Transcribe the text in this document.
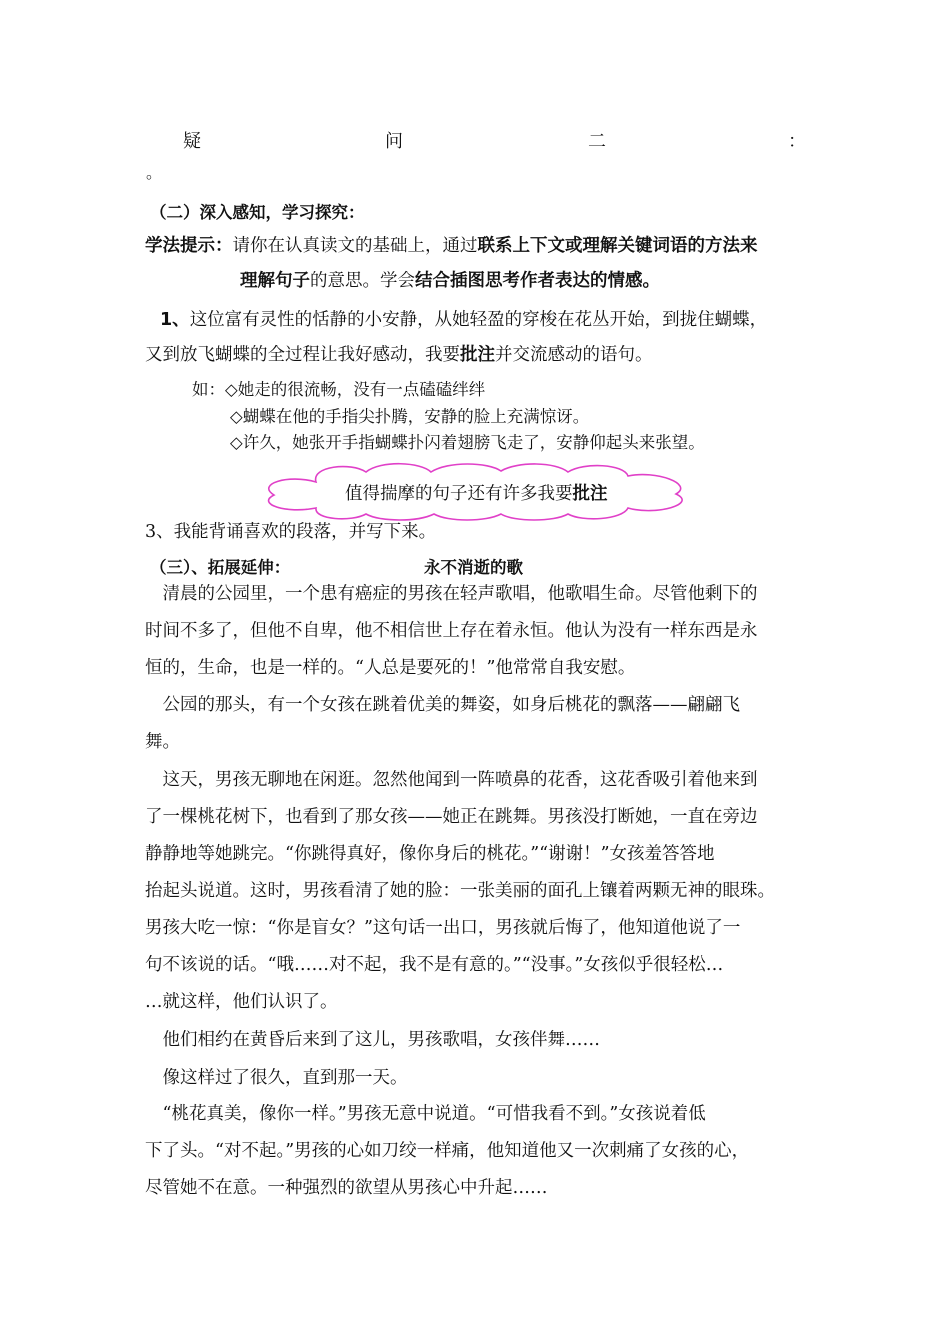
疑	问	二	：
。
（二）深入感知，学习探究：
学法提示：请你在认真读文的基础上，通过联系上下文或理解关键词语的方法来
理解句子的意思。学会结合插图思考作者表达的情感。
1、这位富有灵性的恬静的小安静，从她轻盈的穿梭在花丛开始，到拢住蝴蝶，
又到放飞蝴蝶的全过程让我好感动，我要批注并交流感动的语句。
如：◇她走的很流畅，没有一点磕磕绊绊
◇蝴蝶在他的手指尖扑腾，安静的脸上充满惊讶。
◇许久，她张开手指蝴蝶扑闪着翅膀飞走了，安静仰起头来张望。
值得揣摩的句子还有许多我要批注
3、我能背诵喜欢的段落，并写下来。
（三）、拓展延伸：	永不消逝的歌
　清晨的公园里，一个患有癌症的男孩在轻声歌唱，他歌唱生命。尽管他剩下的
时间不多了，但他不自卑，他不相信世上存在着永恒。他认为没有一样东西是永
恒的，生命，也是一样的。“人总是要死的！”他常常自我安慰。
　公园的那头，有一个女孩在跳着优美的舞姿，如身后桃花的飘落——翩翩飞
舞。
　这天，男孩无聊地在闲逛。忽然他闻到一阵喷鼻的花香，这花香吸引着他来到
了一棵桃花树下，也看到了那女孩——她正在跳舞。男孩没打断她，一直在旁边
静静地等她跳完。“你跳得真好，像你身后的桃花。”“谢谢！”女孩羞答答地
抬起头说道。这时，男孩看清了她的脸：一张美丽的面孔上镶着两颗无神的眼珠。
男孩大吃一惊：“你是盲女？”这句话一出口，男孩就后悔了，他知道他说了一
句不该说的话。“哦……对不起，我不是有意的。”“没事。”女孩似乎很轻松…
…就这样，他们认识了。
　他们相约在黄昏后来到了这儿，男孩歌唱，女孩伴舞……
　像这样过了很久，直到那一天。
　“桃花真美，像你一样。”男孩无意中说道。“可惜我看不到。”女孩说着低
下了头。“对不起。”男孩的心如刀绞一样痛，他知道他又一次刺痛了女孩的心，
尽管她不在意。一种强烈的欲望从男孩心中升起……
